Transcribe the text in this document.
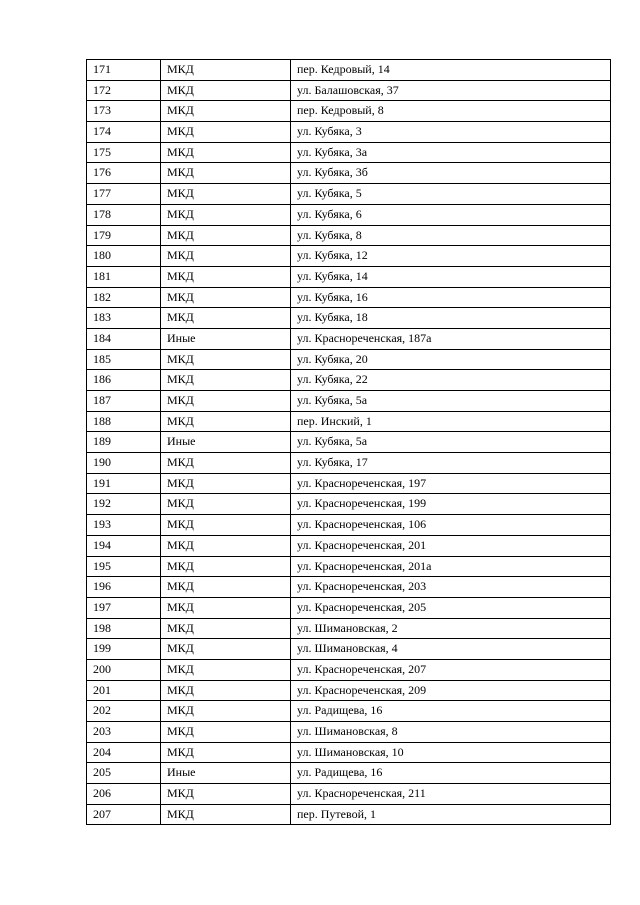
171	МКД	пер. Кедровый, 14
172	МКД	ул. Балашовская, 37
173	МКД	пер. Кедровый, 8
174	МКД	ул. Кубяка, 3
175	МКД	ул. Кубяка, 3а
176	МКД	ул. Кубяка, 3б
177	МКД	ул. Кубяка, 5
178	МКД	ул. Кубяка, 6
179	МКД	ул. Кубяка, 8
180	МКД	ул. Кубяка, 12
181	МКД	ул. Кубяка, 14
182	МКД	ул. Кубяка, 16
183	МКД	ул. Кубяка, 18
184	Иные	ул. Краснореченская, 187а
185	МКД	ул. Кубяка, 20
186	МКД	ул. Кубяка, 22
187	МКД	ул. Кубяка, 5а
188	МКД	пер. Инский, 1
189	Иные	ул. Кубяка, 5а
190	МКД	ул. Кубяка, 17
191	МКД	ул. Краснореченская, 197
192	МКД	ул. Краснореченская, 199
193	МКД	ул. Краснореченская, 106
194	МКД	ул. Краснореченская, 201
195	МКД	ул. Краснореченская, 201а
196	МКД	ул. Краснореченская, 203
197	МКД	ул. Краснореченская, 205
198	МКД	ул. Шимановская, 2
199	МКД	ул. Шимановская, 4
200	МКД	ул. Краснореченская, 207
201	МКД	ул. Краснореченская, 209
202	МКД	ул. Радищева, 16
203	МКД	ул. Шимановская, 8
204	МКД	ул. Шимановская, 10
205	Иные	ул. Радищева, 16
206	МКД	ул. Краснореченская, 211
207	МКД	пер. Путевой, 1
